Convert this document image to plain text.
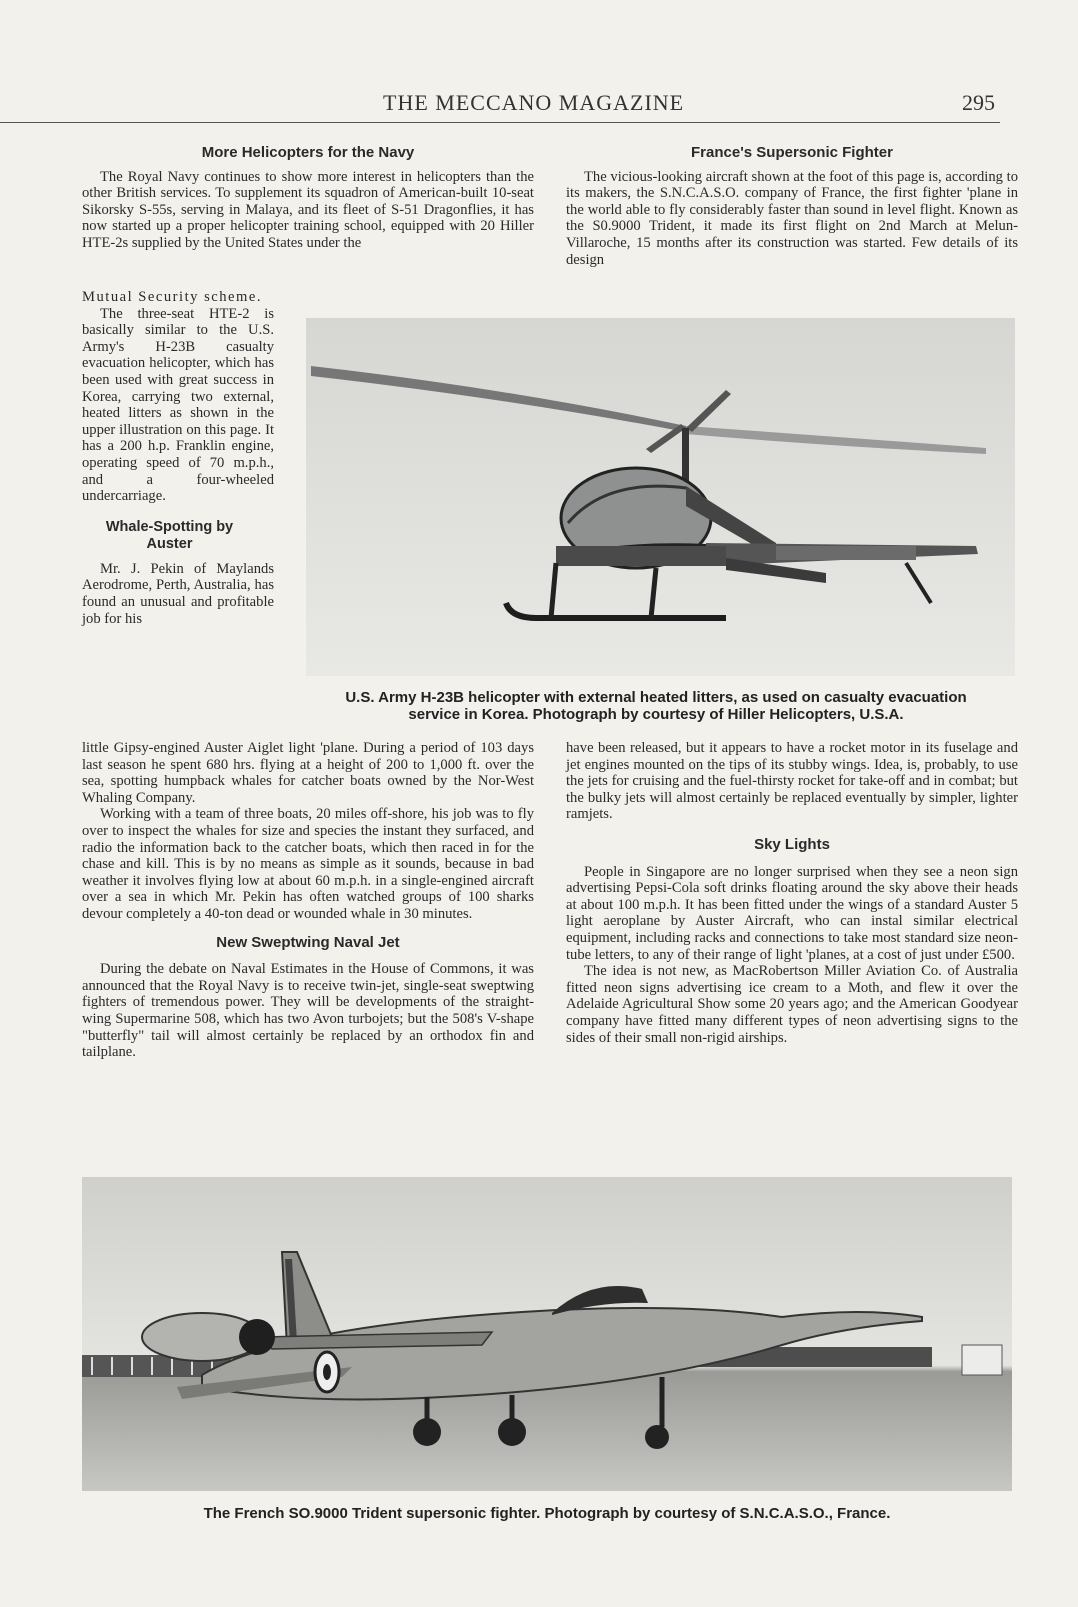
THE MECCANO MAGAZINE	295
More Helicopters for the Navy

The Royal Navy continues to show more interest in helicopters than the other British services. To supplement its squadron of American-built 10-seat Sikorsky S-55s, serving in Malaya, and its fleet of S-51 Dragonflies, it has now started up a proper helicopter training school, equipped with 20 Hiller HTE-2s supplied by the United States under the

Mutual Security scheme.

The three-seat HTE-2 is basically similar to the U.S. Army's H-23B casualty evacuation helicopter, which has been used with great success in Korea, carrying two external, heated litters as shown in the upper illustration on this page. It has a 200 h.p. Franklin engine, operating speed of 70 m.p.h., and a four-wheeled undercarriage.

Whale-Spotting by Auster

Mr. J. Pekin of Maylands Aerodrome, Perth, Australia, has found an unusual and profitable job for his

little Gipsy-engined Auster Aiglet light 'plane. During a period of 103 days last season he spent 680 hrs. flying at a height of 200 to 1,000 ft. over the sea, spotting humpback whales for catcher boats owned by the Nor-West Whaling Company.

Working with a team of three boats, 20 miles off-shore, his job was to fly over to inspect the whales for size and species the instant they surfaced, and radio the information back to the catcher boats, which then raced in for the chase and kill. This is by no means as simple as it sounds, because in bad weather it involves flying low at about 60 m.p.h. in a single-engined aircraft over a sea in which Mr. Pekin has often watched groups of 100 sharks devour completely a 40-ton dead or wounded whale in 30 minutes.

New Sweptwing Naval Jet

During the debate on Naval Estimates in the House of Commons, it was announced that the Royal Navy is to receive twin-jet, single-seat sweptwing fighters of tremendous power. They will be developments of the straight-wing Supermarine 508, which has two Avon turbojets; but the 508's V-shape "butterfly" tail will almost certainly be replaced by an orthodox fin and tailplane.

France's Supersonic Fighter

The vicious-looking aircraft shown at the foot of this page is, according to its makers, the S.N.C.A.S.O. company of France, the first fighter 'plane in the world able to fly considerably faster than sound in level flight. Known as the S0.9000 Trident, it made its first flight on 2nd March at Melun-Villaroche, 15 months after its construction was started. Few details of its design

have been released, but it appears to have a rocket motor in its fuselage and jet engines mounted on the tips of its stubby wings. Idea, is, probably, to use the jets for cruising and the fuel-thirsty rocket for take-off and in combat; but the bulky jets will almost certainly be replaced eventually by simpler, lighter ramjets.

Sky Lights

People in Singapore are no longer surprised when they see a neon sign advertising Pepsi-Cola soft drinks floating around the sky above their heads at about 100 m.p.h. It has been fitted under the wings of a standard Auster 5 light aeroplane by Auster Aircraft, who can instal similar electrical equipment, including racks and connections to take most standard size neon-tube letters, to any of their range of light 'planes, at a cost of just under £500.

The idea is not new, as MacRobertson Miller Aviation Co. of Australia fitted neon signs advertising ice cream to a Moth, and flew it over the Adelaide Agricultural Show some 20 years ago; and the American Goodyear company have fitted many different types of neon advertising signs to the sides of their small non-rigid airships.

U.S. Army H-23B helicopter with external heated litters, as used on casualty evacuation
service in Korea. Photograph by courtesy of Hiller Helicopters, U.S.A.
The French SO.9000 Trident supersonic fighter. Photograph by courtesy of S.N.C.A.S.O., France.
